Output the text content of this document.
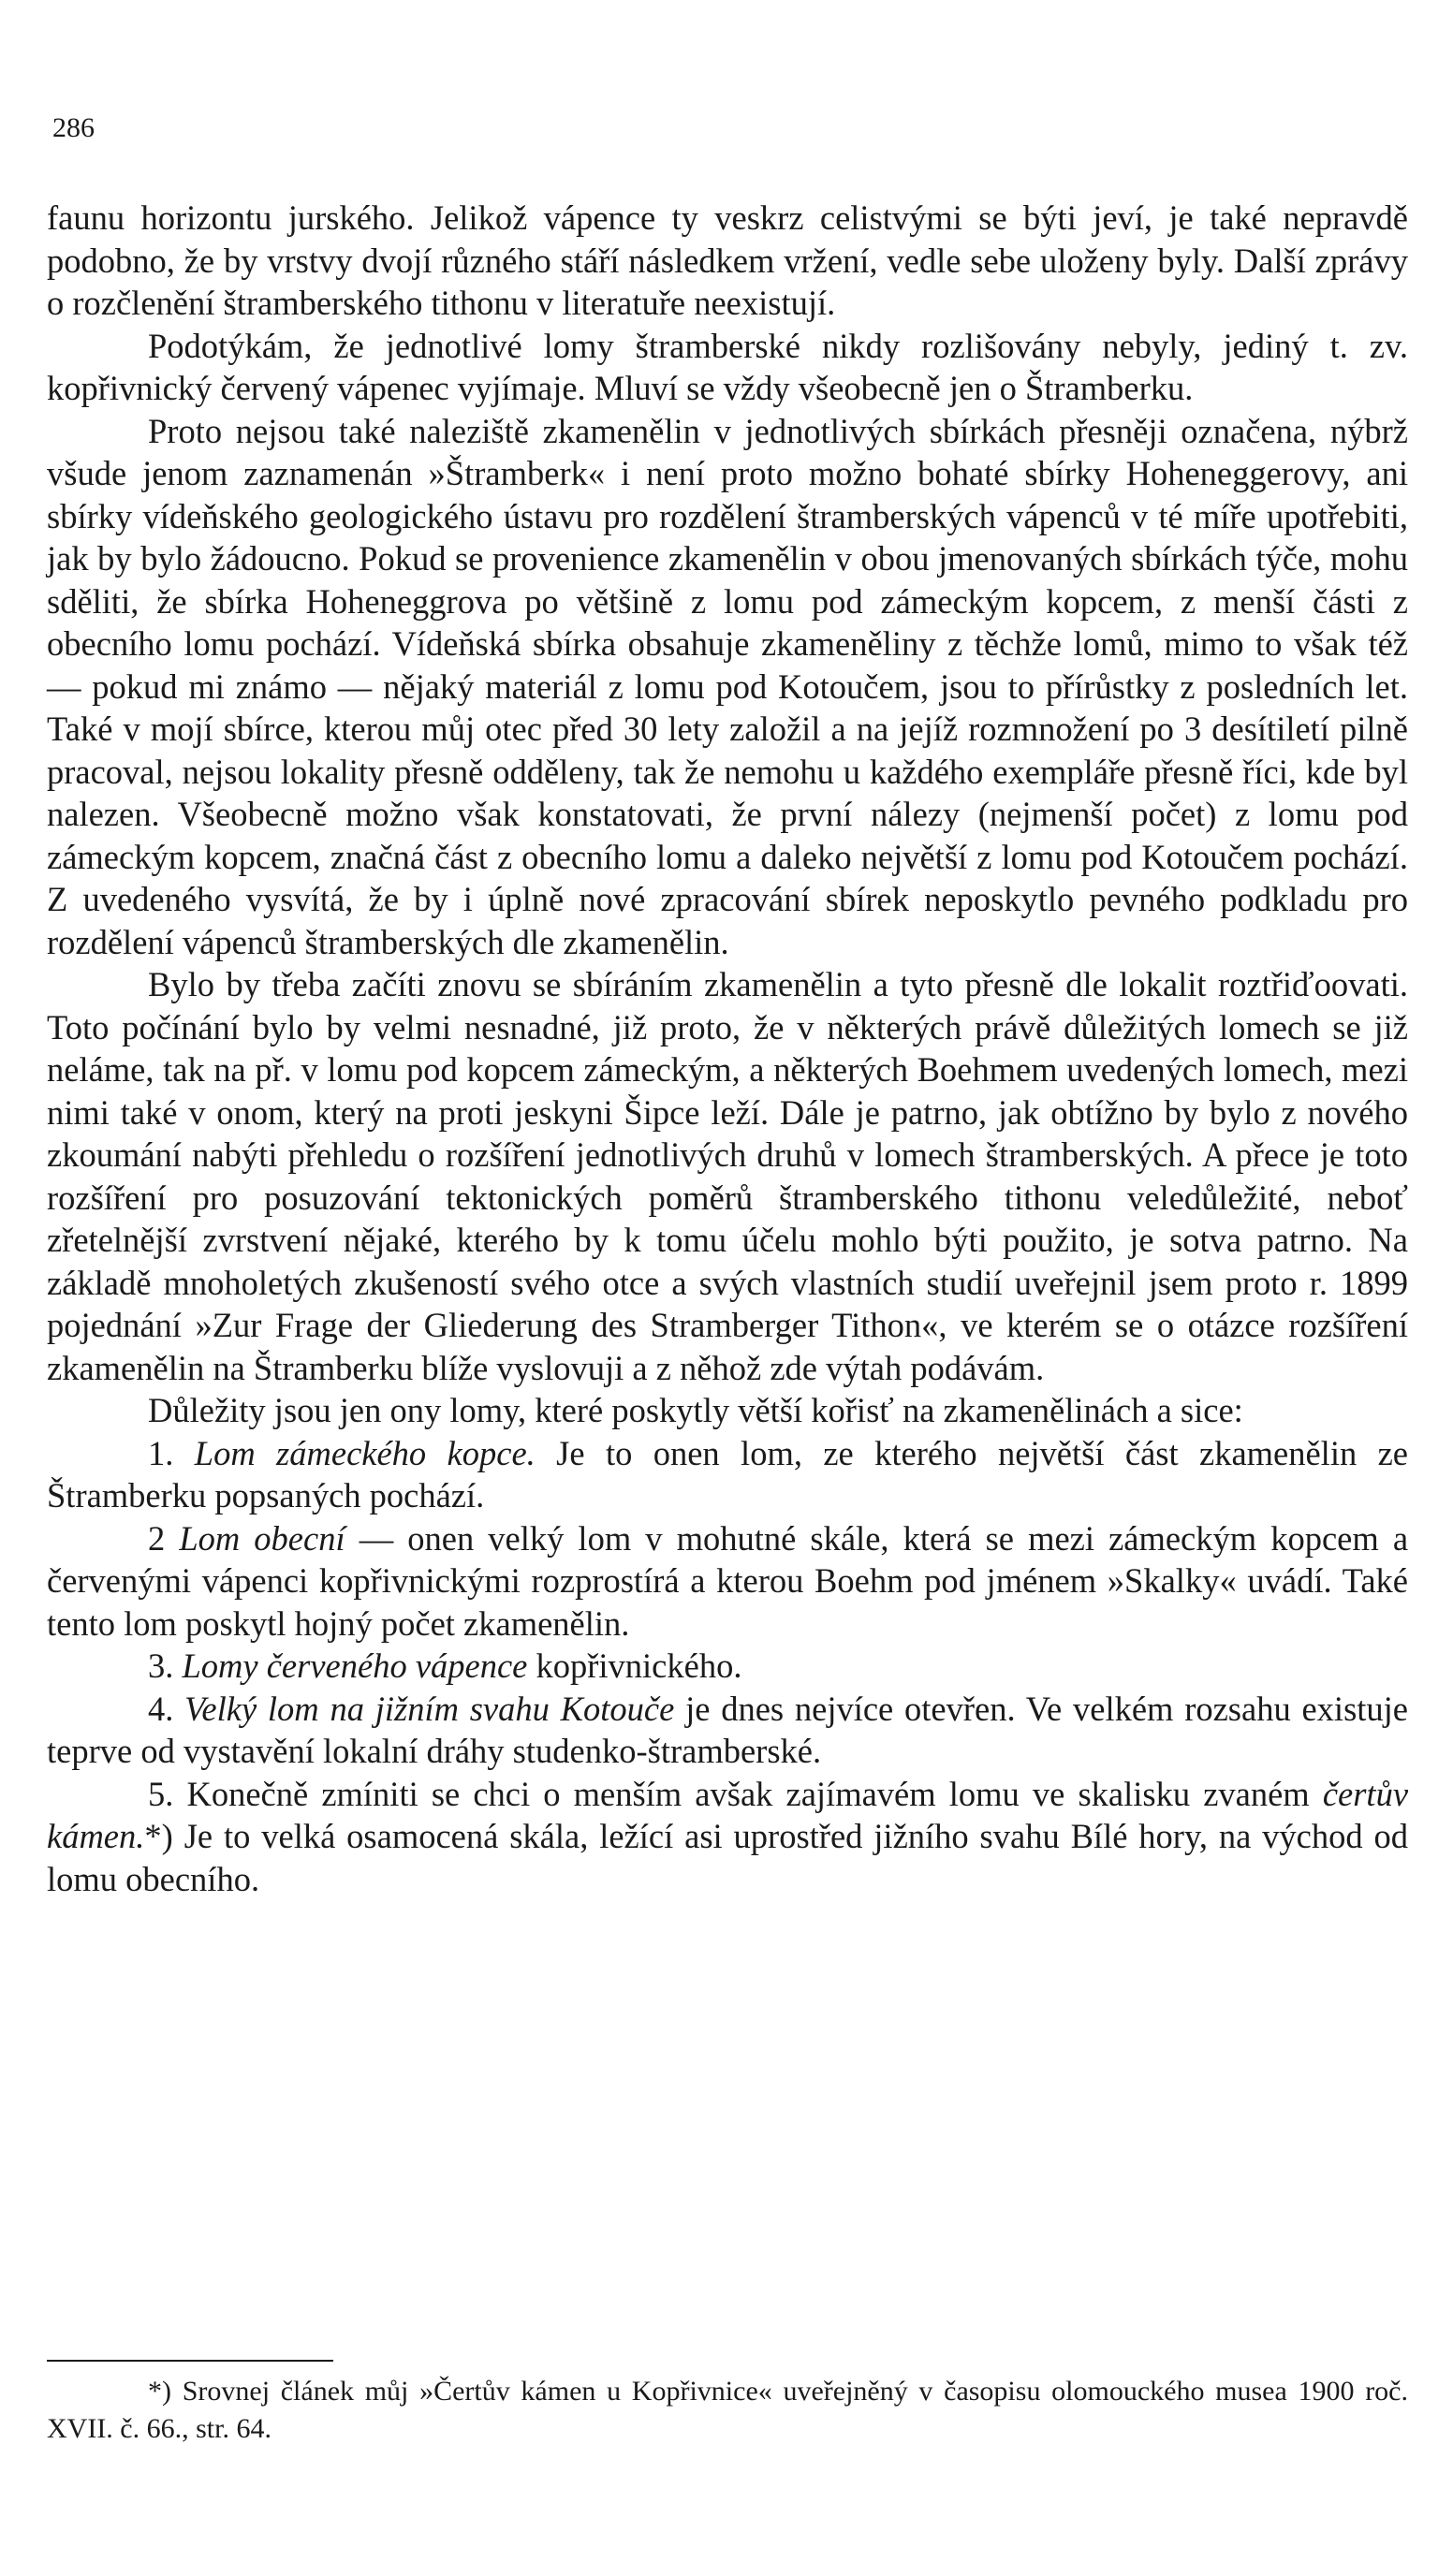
286

faunu horizontu jurského. Jelikož vápence ty veskrz celistvými se býti jeví, je také nepravdě podobno, že by vrstvy dvojí různého stáří následkem vržení, vedle sebe uloženy byly. Další zprávy o rozčlenění štramberského tithonu v literatuře neexistují.

Podotýkám, že jednotlivé lomy štramberské nikdy rozlišovány nebyly, jediný t. zv. kopřivnický červený vápenec vyjímaje. Mluví se vždy všeobecně jen o Štramberku.

Proto nejsou také naleziště zkamenělin v jednotlivých sbírkách přesněji označena, nýbrž všude jenom zaznamenán »Štramberk« i není proto možno bohaté sbírky Hoheneggerovy, ani sbírky vídeňského geologického ústavu pro rozdělení štramberských vápenců v té míře upotřebiti, jak by bylo žádoucno. Pokud se provenience zkamenělin v obou jmenovaných sbírkách týče, mohu sděliti, že sbírka Hoheneggrova po většině z lomu pod zámeckým kopcem, z menší části z obecního lomu pochází. Vídeňská sbírka obsahuje zkameněliny z těchže lomů, mimo to však též — pokud mi známo — nějaký materiál z lomu pod Kotoučem, jsou to přírůstky z posledních let. Také v mojí sbírce, kterou můj otec před 30 lety založil a na jejíž rozmnožení po 3 desítiletí pilně pracoval, nejsou lokality přesně odděleny, tak že nemohu u každého exempláře přesně říci, kde byl nalezen. Všeobecně možno však konstatovati, že první nálezy (nejmenší počet) z lomu pod zámeckým kopcem, značná část z obecního lomu a daleko největší z lomu pod Kotoučem pochází. Z uvedeného vysvítá, že by i úplně nové zpracování sbírek neposkytlo pevného podkladu pro rozdělení vápenců štramberských dle zkamenělin.

Bylo by třeba začíti znovu se sbíráním zkamenělin a tyto přesně dle lokalit roztřiďoovati. Toto počínání bylo by velmi nesnadné, již proto, že v některých právě důležitých lomech se již neláme, tak na př. v lomu pod kopcem zámeckým, a některých Boehmem uvedených lomech, mezi nimi také v onom, který na proti jeskyni Šipce leží. Dále je patrno, jak obtížno by bylo z nového zkoumání nabýti přehledu o rozšíření jednotlivých druhů v lomech štramberských. A přece je toto rozšíření pro posuzování tektonických poměrů štramberského tithonu veledůležité, neboť zřetelnější zvrstvení nějaké, kterého by k tomu účelu mohlo býti použito, je sotva patrno. Na základě mnoholetých zkušeností svého otce a svých vlastních studií uveřejnil jsem proto r. 1899 pojednání »Zur Frage der Gliederung des Stramberger Tithon«, ve kterém se o otázce rozšíření zkamenělin na Štramberku blíže vyslovuji a z něhož zde výtah podávám.

Důležity jsou jen ony lomy, které poskytly větší kořisť na zkamenělinách a sice:

1. Lom zámeckého kopce. Je to onen lom, ze kterého největší část zkamenělin ze Štramberku popsaných pochází.

2 Lom obecní — onen velký lom v mohutné skále, která se mezi zámeckým kopcem a červenými vápenci kopřivnickými rozprostírá a kterou Boehm pod jménem »Skalky« uvádí. Také tento lom poskytl hojný počet zkamenělin.

3. Lomy červeného vápence kopřivnického.

4. Velký lom na jižním svahu Kotouče je dnes nejvíce otevřen. Ve velkém rozsahu existuje teprve od vystavění lokalní dráhy studenko-štramberské.

5. Konečně zmíniti se chci o menším avšak zajímavém lomu ve skalisku zvaném čertův kámen.*) Je to velká osamocená skála, ležící asi uprostřed jižního svahu Bílé hory, na východ od lomu obecního.

*) Srovnej článek můj »Čertův kámen u Kopřivnice« uveřejněný v časopisu olomouckého musea 1900 roč. XVII. č. 66., str. 64.
